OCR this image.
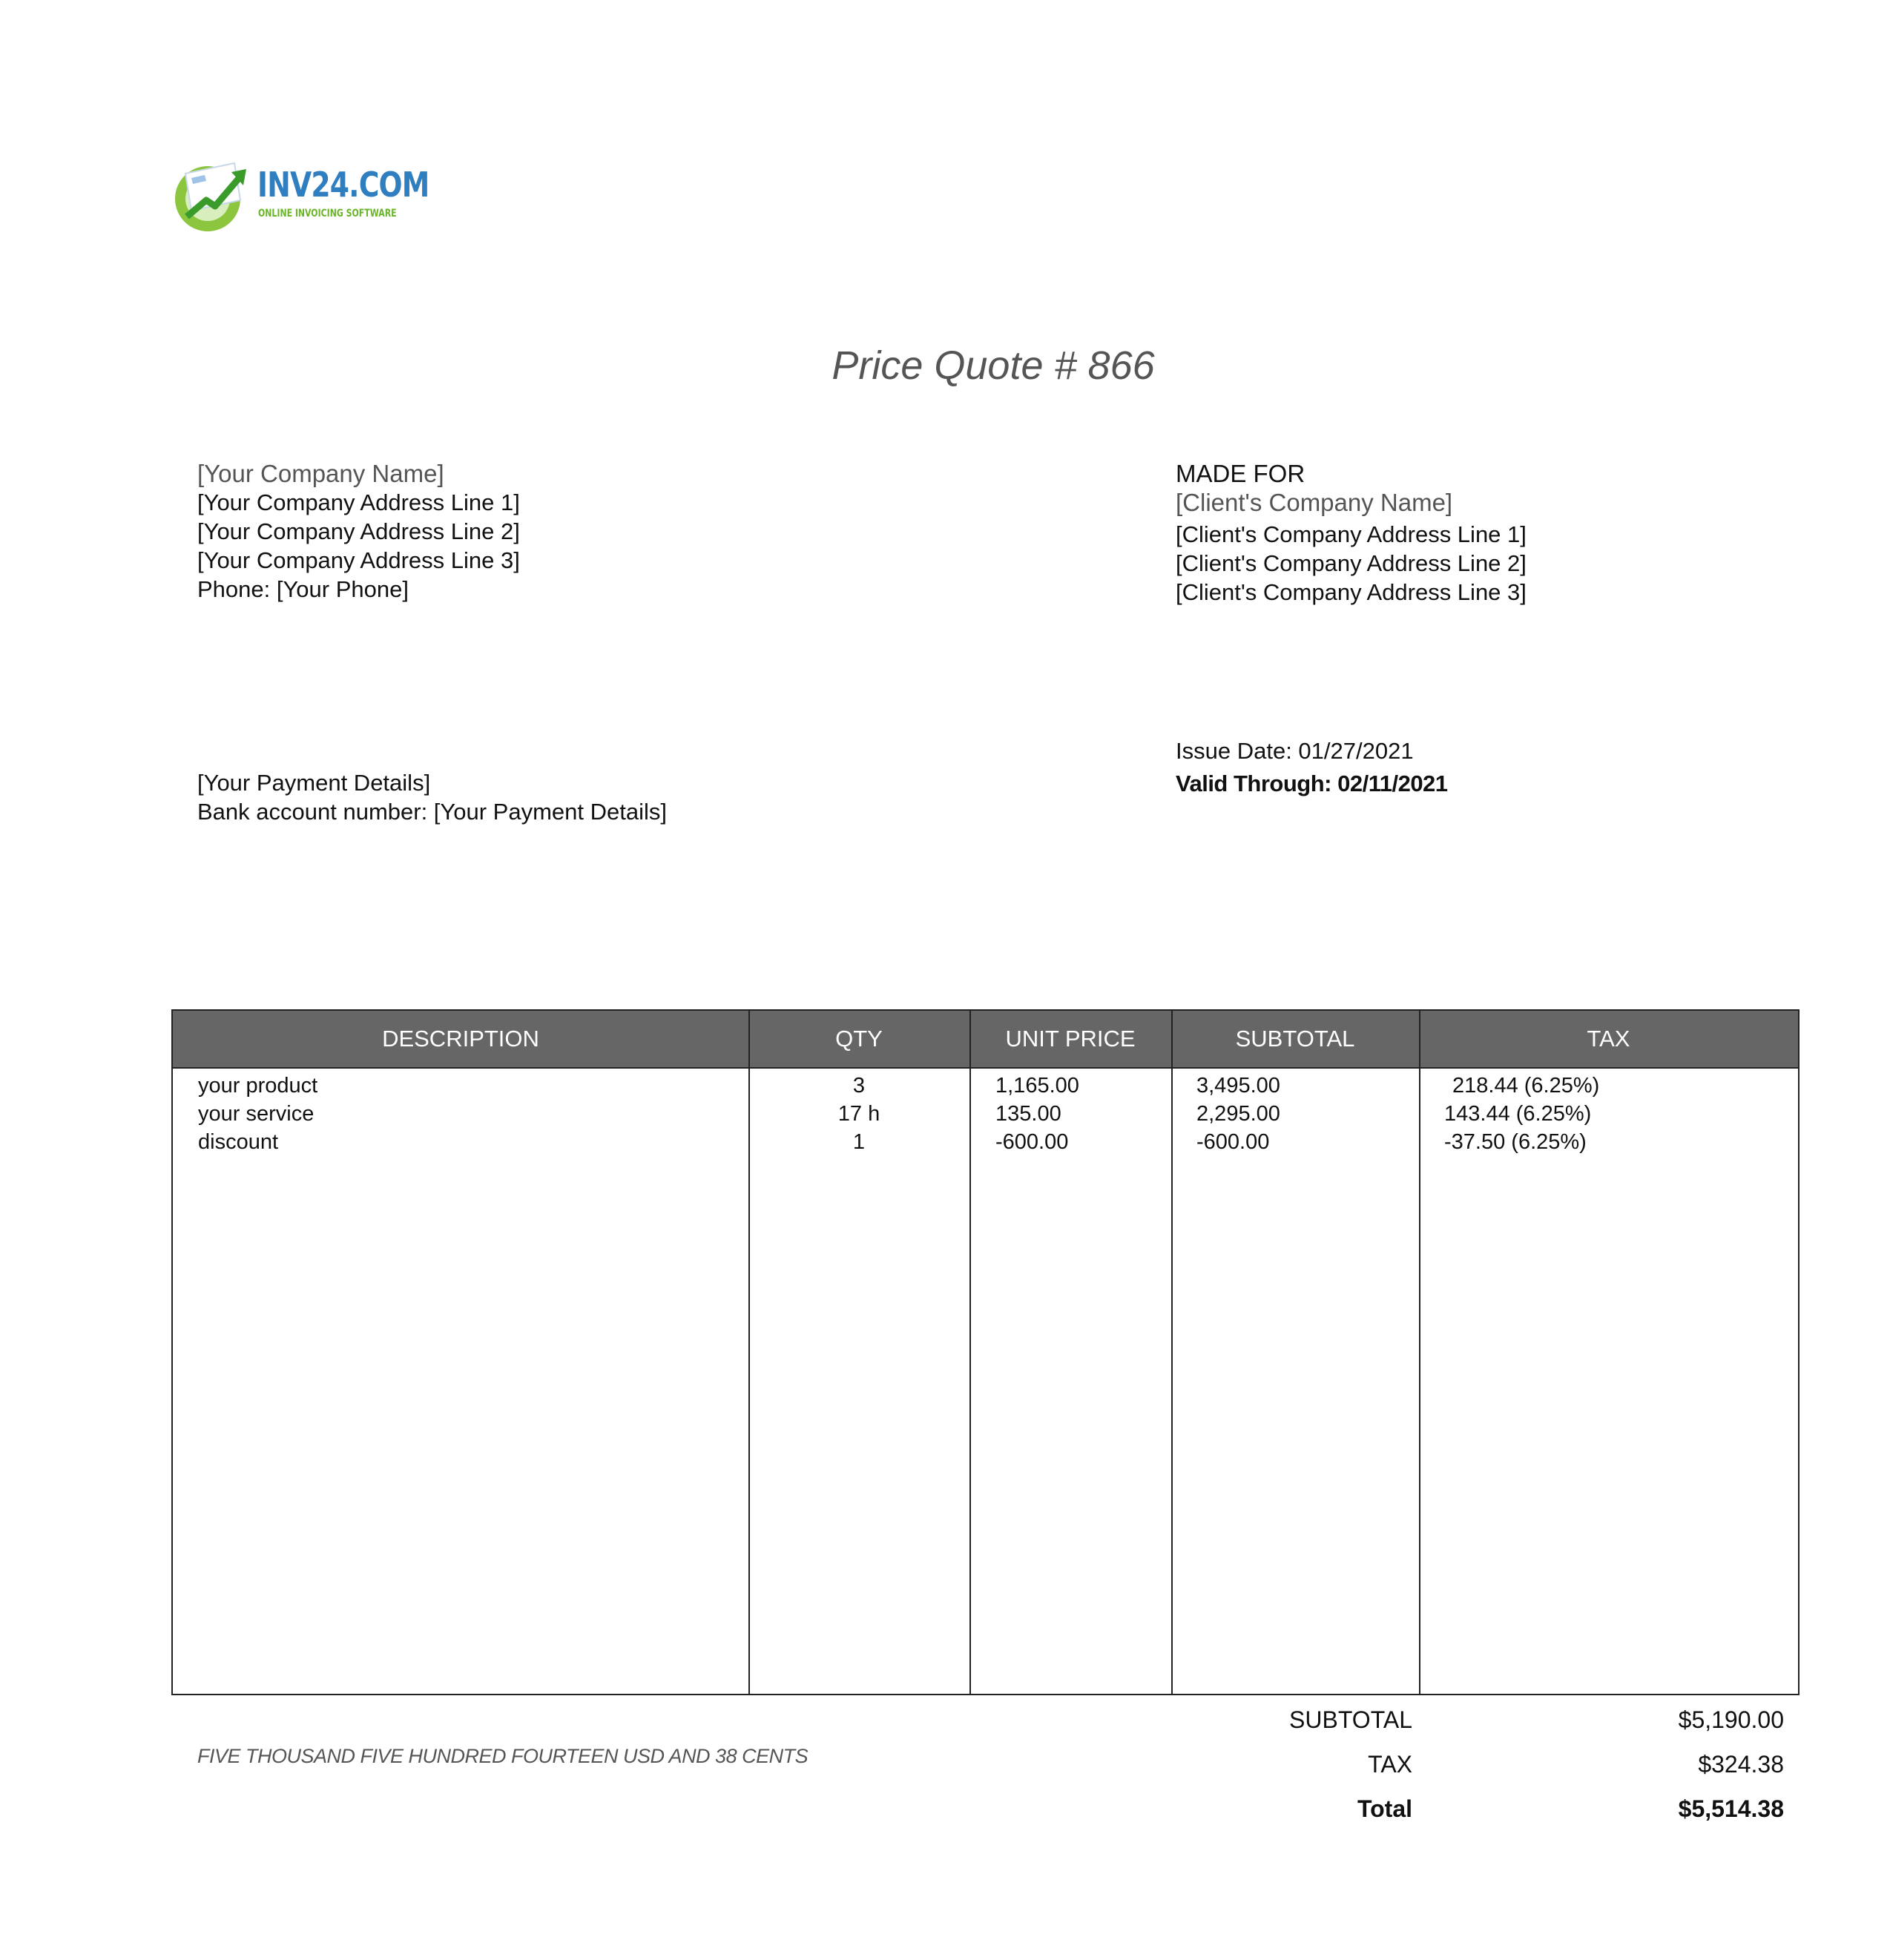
INV24.COM
ONLINE INVOICING SOFTWARE
Price Quote # 866
[Your Company Name]
[Your Company Address Line 1]
[Your Company Address Line 2]
[Your Company Address Line 3]
Phone: [Your Phone]
MADE FOR
[Client's Company Name]
[Client's Company Address Line 1]
[Client's Company Address Line 2]
[Client's Company Address Line 3]
[Your Payment Details]
Bank account number: [Your Payment Details]
Issue Date: 01/27/2021
Valid Through: 02/11/2021
DESCRIPTION	QTY	UNIT PRICE	SUBTOTAL	TAX
your product	3	1,165.00	3,495.00	218.44 (6.25%)
your service	17 h	135.00	2,295.00	143.44 (6.25%)
discount	1	-600.00	-600.00	-37.50 (6.25%)
FIVE THOUSAND FIVE HUNDRED FOURTEEN USD AND 38 CENTS
SUBTOTAL	$5,190.00
TAX	$324.38
Total	$5,514.38
